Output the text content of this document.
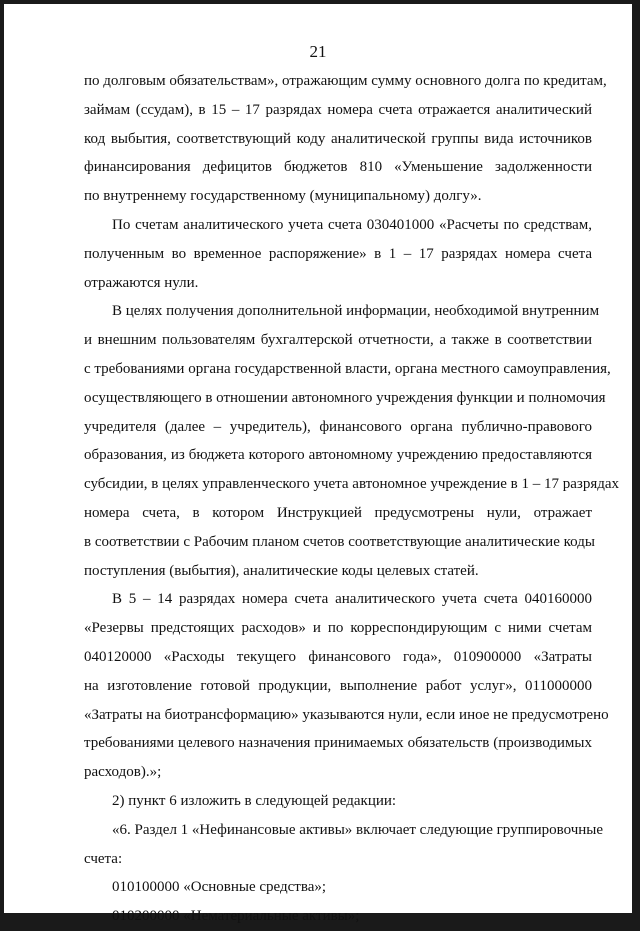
21

по долговым обязательствам», отражающим сумму основного долга по кредитам,
займам (ссудам), в 15 – 17 разрядах номера счета отражается аналитический
код выбытия, соответствующий коду аналитической группы вида источников
финансирования дефицитов бюджетов 810 «Уменьшение задолженности
по внутреннему государственному (муниципальному) долгу».

По счетам аналитического учета счета 030401000 «Расчеты по средствам,
полученным во временное распоряжение» в 1 – 17 разрядах номера счета
отражаются нули.

В целях получения дополнительной информации, необходимой внутренним
и внешним пользователям бухгалтерской отчетности, а также в соответствии
с требованиями органа государственной власти, органа местного самоуправления,
осуществляющего в отношении автономного учреждения функции и полномочия
учредителя (далее – учредитель), финансового органа публично-правового
образования, из бюджета которого автономному учреждению предоставляются
субсидии, в целях управленческого учета автономное учреждение в 1 – 17 разрядах
номера счета, в котором Инструкцией предусмотрены нули, отражает
в соответствии с Рабочим планом счетов соответствующие аналитические коды
поступления (выбытия), аналитические коды целевых статей.

В 5 – 14 разрядах номера счета аналитического учета счета 040160000
«Резервы предстоящих расходов» и по корреспондирующим с ними счетам
040120000 «Расходы текущего финансового года», 010900000 «Затраты
на изготовление готовой продукции, выполнение работ услуг», 011000000
«Затраты на биотрансформацию» указываются нули, если иное не предусмотрено
требованиями целевого назначения принимаемых обязательств (производимых
расходов).»;

2) пункт 6 изложить в следующей редакции:

«6. Раздел 1 «Нефинансовые активы» включает следующие группировочные
счета:

010100000 «Основные средства»;

010200000 «Нематериальные активы»;
